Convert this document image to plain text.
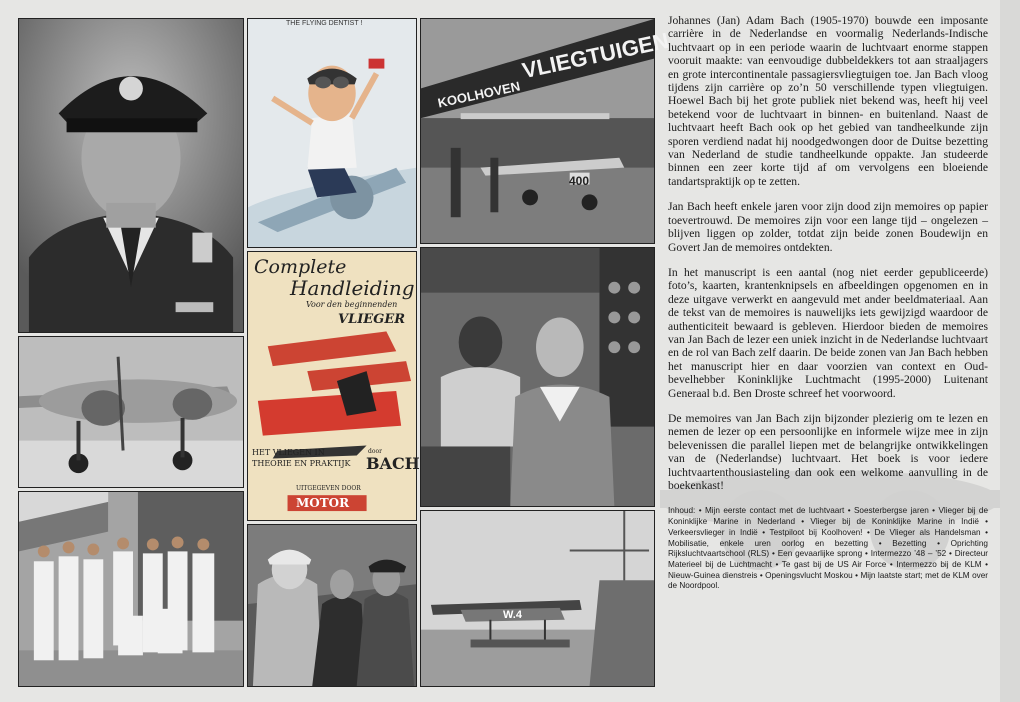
THE FLYING DENTIST !
KOOLHOVEN
VLIEGTUIGEN
400
Complete
Handleiding
Voor den beginnenden
VLIEGER
HET VLIEGEN IN
THEORIE EN PRAKTIJK
door
BACH
UITGEGEVEN DOOR
MOTOR
W.4

Johannes (Jan) Adam Bach (1905-1970) bouwde een imposante carrière in de Nederlandse en voormalig Nederlands-Indische luchtvaart op in een periode waarin de luchtvaart enorme stappen vooruit maakte: van eenvoudige dubbeldekkers tot aan straaljagers en grote intercontinentale passagiersvliegtuigen toe. Jan Bach vloog tijdens zijn carrière op zo’n 50 verschillende typen vliegtuigen. Hoewel Bach bij het grote publiek niet bekend was, heeft hij veel betekend voor de luchtvaart in binnen- en buitenland. Naast de luchtvaart heeft Bach ook op het gebied van tandheelkunde zijn sporen verdiend nadat hij noodgedwongen door de Duitse bezetting van Nederland de studie tandheelkunde oppakte. Jan studeerde binnen een zeer korte tijd af om vervolgens een bloeiende tandartspraktijk op te zetten.

Jan Bach heeft enkele jaren voor zijn dood zijn memoires op papier toevertrouwd. De memoires zijn voor een lange tijd – ongelezen – blijven liggen op zolder, totdat zijn beide zonen Boudewijn en Govert Jan de memoires ontdekten.

In het manuscript is een aantal (nog niet eerder gepubliceerde) foto’s, kaarten, krantenknipsels en afbeeldingen opgenomen en in deze uitgave verwerkt en aangevuld met ander beeldmateriaal. Aan de tekst van de memoires is nauwelijks iets gewijzigd waardoor de authenticiteit bewaard is gebleven. Hierdoor bieden de memoires van Jan Bach de lezer een uniek inzicht in de Nederlandse luchtvaart en de rol van Bach zelf daarin. De beide zonen van Jan Bach hebben het manuscript hier en daar voorzien van context en Oud-bevelhebber Koninklijke Luchtmacht (1995-2000) Luitenant Generaal b.d. Ben Droste schreef het voorwoord.

De memoires van Jan Bach zijn bijzonder plezierig om te lezen en nemen de lezer op een persoonlijke en informele wijze mee in zijn belevenissen die parallel liepen met de belangrijke ontwikkelingen van de (Nederlandse) luchtvaart. Het boek is voor iedere luchtvaartenthousiasteling dan ook een welkome aanvulling in de boekenkast!

Inhoud: • Mijn eerste contact met de luchtvaart • Soesterbergse jaren • Vlieger bij de Koninklijke Marine in Nederland • Vlieger bij de Koninklijke Marine in Indië • Verkeersvlieger in Indië • Testpiloot bij Koolhoven! • De Vlieger als Handelsman • Mobilisatie, enkele uren oorlog en bezetting • Bezetting • Oprichting Rijksluchtvaartschool (RLS) • Een gevaarlijke sprong • Intermezzo ’48 – ’52 • Directeur Materieel bij de Luchtmacht • Te gast bij de US Air Force • Intermezzo bij de KLM • Nieuw-Guinea dienstreis • Openingsvlucht Moskou • Mijn laatste start; met de KLM over de Noordpool.
